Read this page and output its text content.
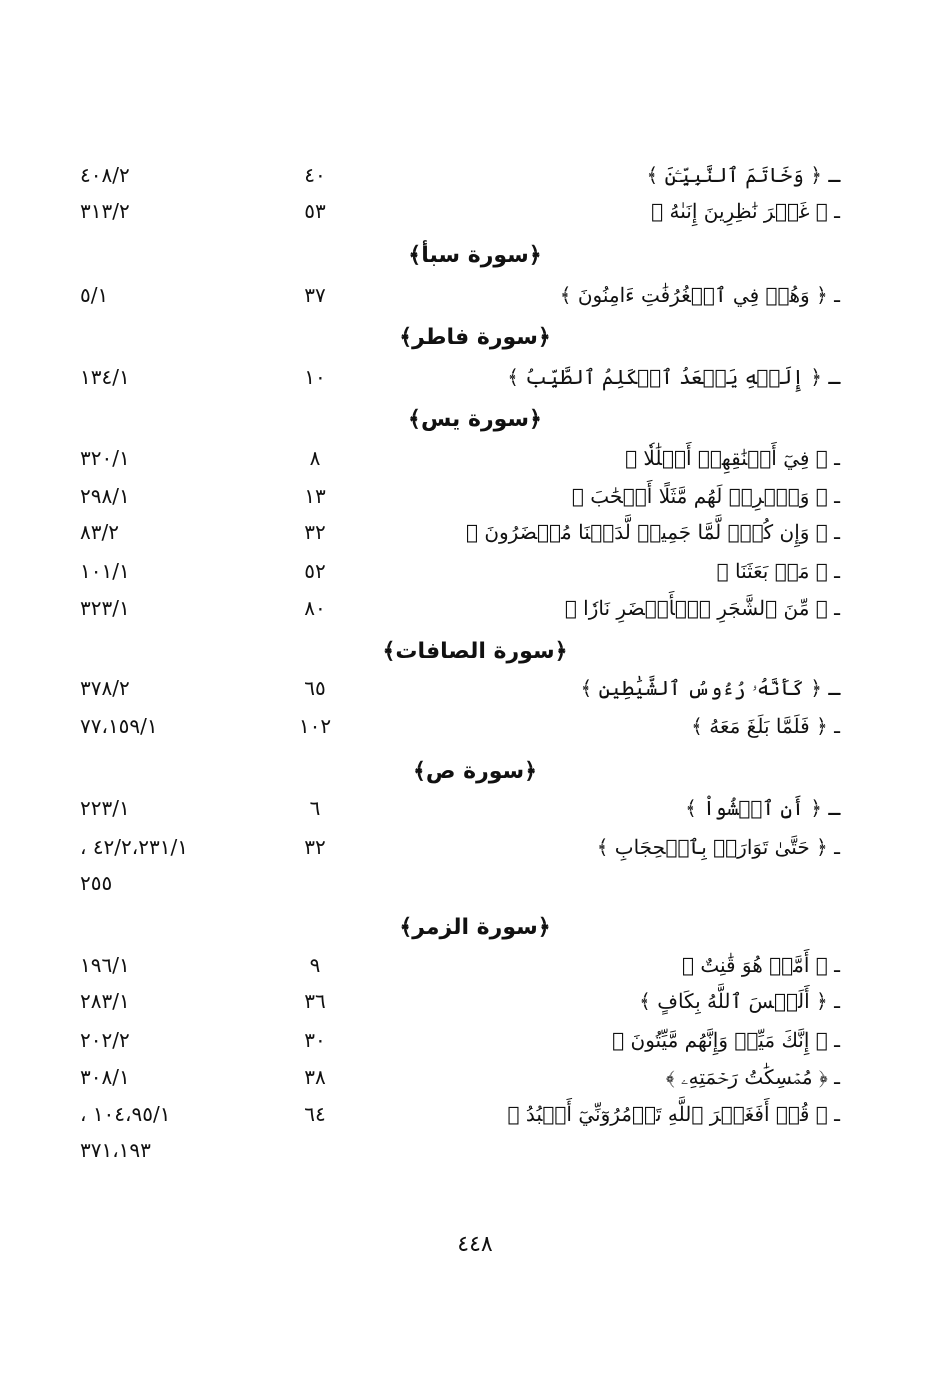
ـ ﴿ وَخَاتَمَ ٱلنَّبِيِّـۧنَ ﴾
٤٠
٤٠٨/٢
ـ ﴿ غَيۡرَ نَٰظِرِينَ إِنَىٰهُ ﴾
٥٣
٣١٣/٢
﴿سورة سبأ﴾
ـ ﴿ وَهُمۡ فِي ٱلۡغُرُفَٰتِ ءَامِنُونَ ﴾
٣٧
٥/١
﴿سورة فاطر﴾
ـ ﴿ إِلَيۡهِ يَصۡعَدُ ٱلۡكَلِمُ ٱلطَّيِّبُ ﴾
١٠
١٣٤/١
﴿سورة يس﴾
ـ ﴿ فِيٓ أَعۡنَٰقِهِمۡ أَغۡلَٰلٗا ﴾
٨
٣٢٠/١
ـ ﴿ وَٱضۡرِبۡ لَهُم مَّثَلًا أَصۡحَٰبَ ﴾
١٣
٢٩٨/١
ـ ﴿ وَإِن كُلّٞ لَّمَّا جَمِيعٞ لَّدَيۡنَا مُحۡضَرُونَ ﴾
٣٢
٨٣/٢
ـ ﴿ مَنۢ بَعَثَنَا ﴾
٥٢
١٠١/١
ـ ﴿ مِّنَ ٱلشَّجَرِ ٱلۡأَخۡضَرِ نَارٗا ﴾
٨٠
٣٢٣/١
﴿سورة الصافات﴾
ـ ﴿ كَأَنَّهُۥ رُءُوسُ ٱلشَّيَٰطِينِ ﴾
٦٥
٣٧٨/٢
ـ ﴿ فَلَمَّا بَلَغَ مَعَهُ ﴾
١٠٢
٧٧،١٥٩/١
﴿سورة ص﴾
ـ ﴿ أَنِ ٱمۡشُواْ ﴾
٦
٢٢٣/١
ـ ﴿ حَتَّىٰ تَوَارَتۡ بِٱلۡحِجَابِ ﴾
٣٢
٤٢/٢،٢٣١/١ ،
٢٥٥
﴿سورة الزمر﴾
ـ ﴿ أَمَّنۡ هُوَ قَٰنِتٌ ﴾
٩
١٩٦/١
ـ ﴿ أَلَيۡسَ ٱللَّهُ بِكَافٍ ﴾
٣٦
٢٨٣/١
ـ ﴿ إِنَّكَ مَيِّتٞ وَإِنَّهُم مَّيِّتُونَ ﴾
٣٠
٢٠٢/٢
ـ ﴿ مُمۡسِكَٰتُ رَحۡمَتِهِۦ ﴾
٣٨
٣٠٨/١
ـ ﴿ قُلۡ أَفَغَيۡرَ ٱللَّهِ تَأۡمُرُوٓنِّيٓ أَعۡبُدُ ﴾
٦٤
١٠٤،٩٥/١ ،
٣٧١،١٩٣
٤٤٨
